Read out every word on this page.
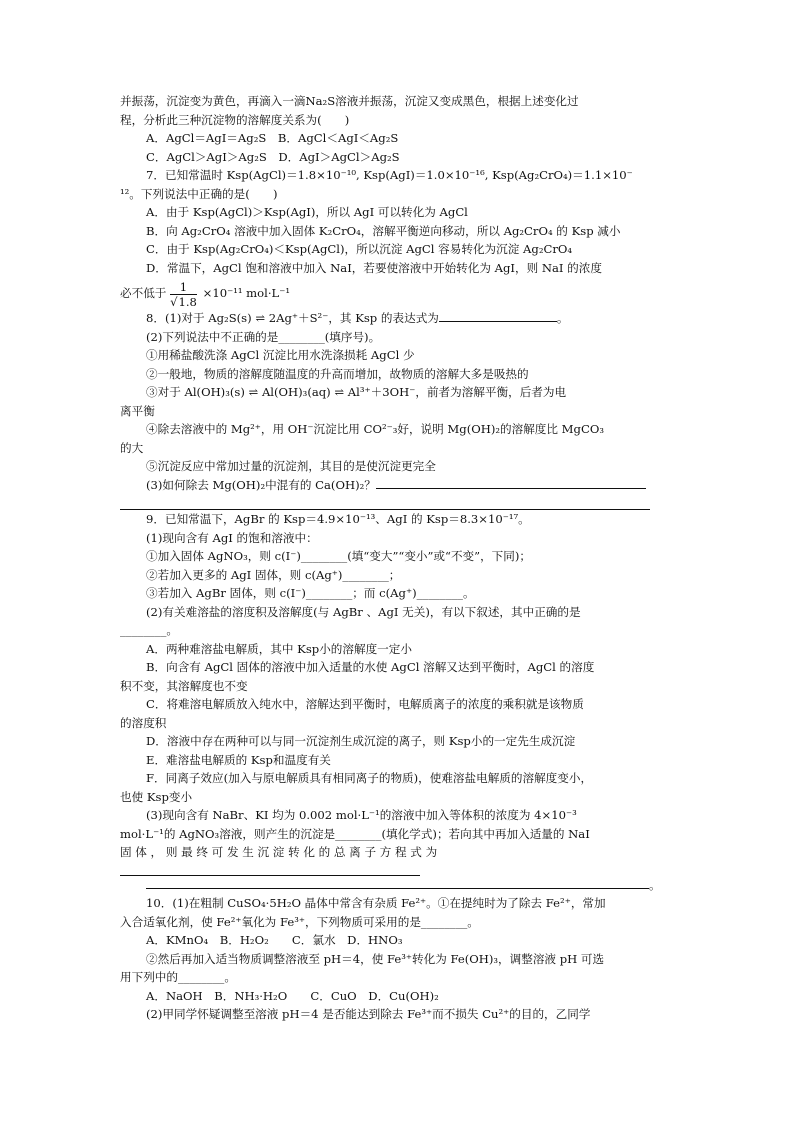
并振荡，沉淀变为黄色，再滴入一滴Na₂S溶液并振荡，沉淀又变成黑色，根据上述变化过
程，分析此三种沉淀物的溶解度关系为(　　)
A．AgCl＝AgI＝Ag₂S　B．AgCl＜AgI＜Ag₂S
C．AgCl＞AgI＞Ag₂S　D．AgI＞AgCl＞Ag₂S
7．已知常温时 Ksp(AgCl)＝1.8×10⁻¹⁰, Ksp(AgI)＝1.0×10⁻¹⁶, Ksp(Ag₂CrO₄)＝1.1×10⁻
¹²。下列说法中正确的是(　　)
A．由于 Ksp(AgCl)＞Ksp(AgI)，所以 AgI 可以转化为 AgCl
B．向 Ag₂CrO₄ 溶液中加入固体 K₂CrO₄，溶解平衡逆向移动，所以 Ag₂CrO₄ 的 Ksp 减小
C．由于 Ksp(Ag₂CrO₄)＜Ksp(AgCl)，所以沉淀 AgCl 容易转化为沉淀 Ag₂CrO₄
D．常温下，AgCl 饱和溶液中加入 NaI，若要使溶液中开始转化为 AgI，则 NaI 的浓度
必不低于 $\frac{1}{√1.8} \times 10^{-11}$ mol·L⁻¹
8．(1)对于 Ag₂S(s) ⇌ 2Ag⁺＋S²⁻，其 Ksp 的表达式为	。
(2)下列说法中不正确的是________(填序号)。
①用稀盐酸洗涤 AgCl 沉淀比用水洗涤损耗 AgCl 少
②一般地，物质的溶解度随温度的升高而增加，故物质的溶解大多是吸热的
③对于 Al(OH)₃(s) ⇌ Al(OH)₃(aq) ⇌ Al³⁺＋3OH⁻，前者为溶解平衡，后者为电
离平衡
④除去溶液中的 Mg²⁺，用 OH⁻沉淀比用 CO²⁻₃好，说明 Mg(OH)₂的溶解度比 MgCO₃
的大
⑤沉淀反应中常加过量的沉淀剂，其目的是使沉淀更完全
(3)如何除去 Mg(OH)₂中混有的 Ca(OH)₂？
9．已知常温下，AgBr 的 Ksp＝4.9×10⁻¹³、AgI 的 Ksp＝8.3×10⁻¹⁷。
(1)现向含有 AgI 的饱和溶液中：
①加入固体 AgNO₃，则 c(I⁻)________(填“变大”“变小”或“不变”，下同)；
②若加入更多的 AgI 固体，则 c(Ag⁺)________；
③若加入 AgBr 固体，则 c(I⁻)________；而 c(Ag⁺)________。
(2)有关难溶盐的溶度积及溶解度(与 AgBr 、AgI 无关)，有以下叙述，其中正确的是
________。
A．两种难溶盐电解质，其中 Ksp小的溶解度一定小
B．向含有 AgCl 固体的溶液中加入适量的水使 AgCl 溶解又达到平衡时，AgCl 的溶度
积不变，其溶解度也不变
C．将难溶电解质放入纯水中，溶解达到平衡时，电解质离子的浓度的乘积就是该物质
的溶度积
D．溶液中存在两种可以与同一沉淀剂生成沉淀的离子，则 Ksp小的一定先生成沉淀
E．难溶盐电解质的 Ksp和温度有关
F．同离子效应(加入与原电解质具有相同离子的物质)，使难溶盐电解质的溶解度变小，
也使 Ksp变小
(3)现向含有 NaBr、KI 均为 0.002 mol·L⁻¹的溶液中加入等体积的浓度为 4×10⁻³
mol·L⁻¹的 AgNO₃溶液，则产生的沉淀是________(填化学式)；若向其中再加入适量的 NaI
固 体 ， 则 最 终 可 发 生 沉 淀 转 化 的 总 离 子 方 程 式 为
。
10．(1)在粗制 CuSO₄·5H₂O 晶体中常含有杂质 Fe²⁺。①在提纯时为了除去 Fe²⁺，常加
入合适氧化剂，使 Fe²⁺氧化为 Fe³⁺，下列物质可采用的是________。
A．KMnO₄　B．H₂O₂　　C．氯水　D．HNO₃
②然后再加入适当物质调整溶液至 pH＝4，使 Fe³⁺转化为 Fe(OH)₃，调整溶液 pH 可选
用下列中的________。
A．NaOH　B．NH₃·H₂O　　C．CuO　D．Cu(OH)₂
(2)甲同学怀疑调整至溶液 pH＝4 是否能达到除去 Fe³⁺而不损失 Cu²⁺的目的，乙同学
